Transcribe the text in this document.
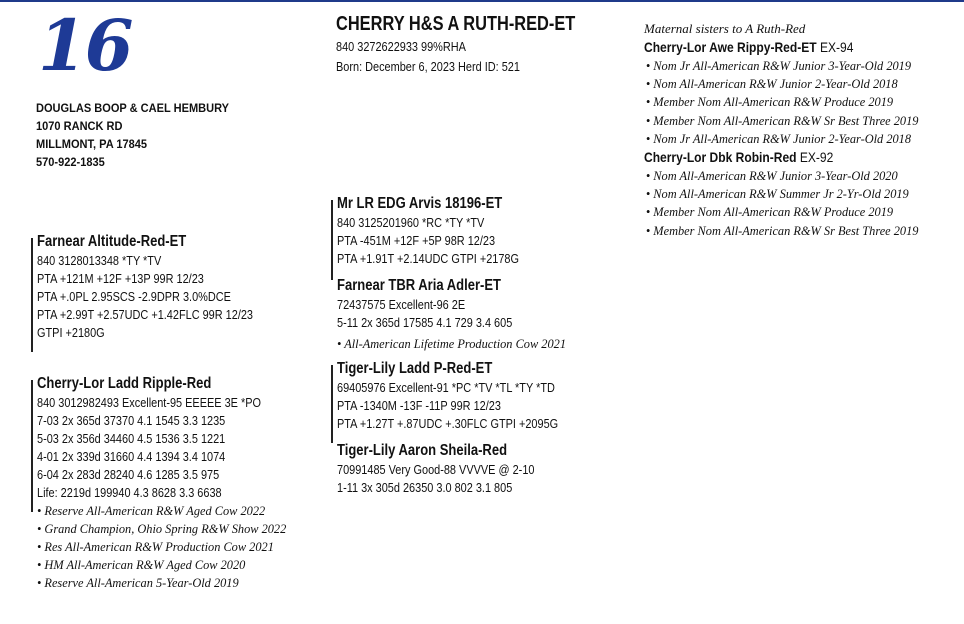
16
DOUGLAS BOOP & CAEL HEMBURY
1070 RANCK RD
MILLMONT, PA 17845
570-922-1835
CHERRY H&S A RUTH-RED-ET
840 3272622933 99%RHA
Born: December 6, 2023 Herd ID: 521
Farnear Altitude-Red-ET
840 3128013348 *TY *TV
PTA +121M +12F +13P 99R 12/23
PTA +.0PL 2.95SCS -2.9DPR 3.0%DCE
PTA +2.99T +2.57UDC +1.42FLC 99R 12/23
GTPI +2180G
Cherry-Lor Ladd Ripple-Red
840 3012982493 Excellent-95 EEEEE 3E *PO
7-03 2x 365d 37370 4.1 1545 3.3 1235
5-03 2x 356d 34460 4.5 1536 3.5 1221
4-01 2x 339d 31660 4.4 1394 3.4 1074
6-04 2x 283d 28240 4.6 1285 3.5 975
Life: 2219d 199940 4.3 8628 3.3 6638
• Reserve All-American R&W Aged Cow 2022
• Grand Champion, Ohio Spring R&W Show 2022
• Res All-American R&W Production Cow 2021
• HM All-American R&W Aged Cow 2020
• Reserve All-American 5-Year-Old 2019
Mr LR EDG Arvis 18196-ET
840 3125201960 *RC *TY *TV
PTA -451M +12F +5P 98R 12/23
PTA +1.91T +2.14UDC GTPI +2178G
Farnear TBR Aria Adler-ET
72437575 Excellent-96 2E
5-11 2x 365d 17585 4.1 729 3.4 605
• All-American Lifetime Production Cow 2021
Tiger-Lily Ladd P-Red-ET
69405976 Excellent-91 *PC *TV *TL *TY *TD
PTA -1340M -13F -11P 99R 12/23
PTA +1.27T +.87UDC +.30FLC GTPI +2095G
Tiger-Lily Aaron Sheila-Red
70991485 Very Good-88 VVVVE @ 2-10
1-11 3x 305d 26350 3.0 802 3.1 805
Maternal sisters to A Ruth-Red
Cherry-Lor Awe Rippy-Red-ET EX-94
• Nom Jr All-American R&W Junior 3-Year-Old 2019
• Nom All-American R&W Junior 2-Year-Old 2018
• Member Nom All-American R&W Produce 2019
• Member Nom All-American R&W Sr Best Three 2019
• Nom Jr All-American R&W Junior 2-Year-Old 2018
Cherry-Lor Dbk Robin-Red EX-92
• Nom All-American R&W Junior 3-Year-Old 2020
• Nom All-American R&W Summer Jr 2-Yr-Old 2019
• Member Nom All-American R&W Produce 2019
• Member Nom All-American R&W Sr Best Three 2019
